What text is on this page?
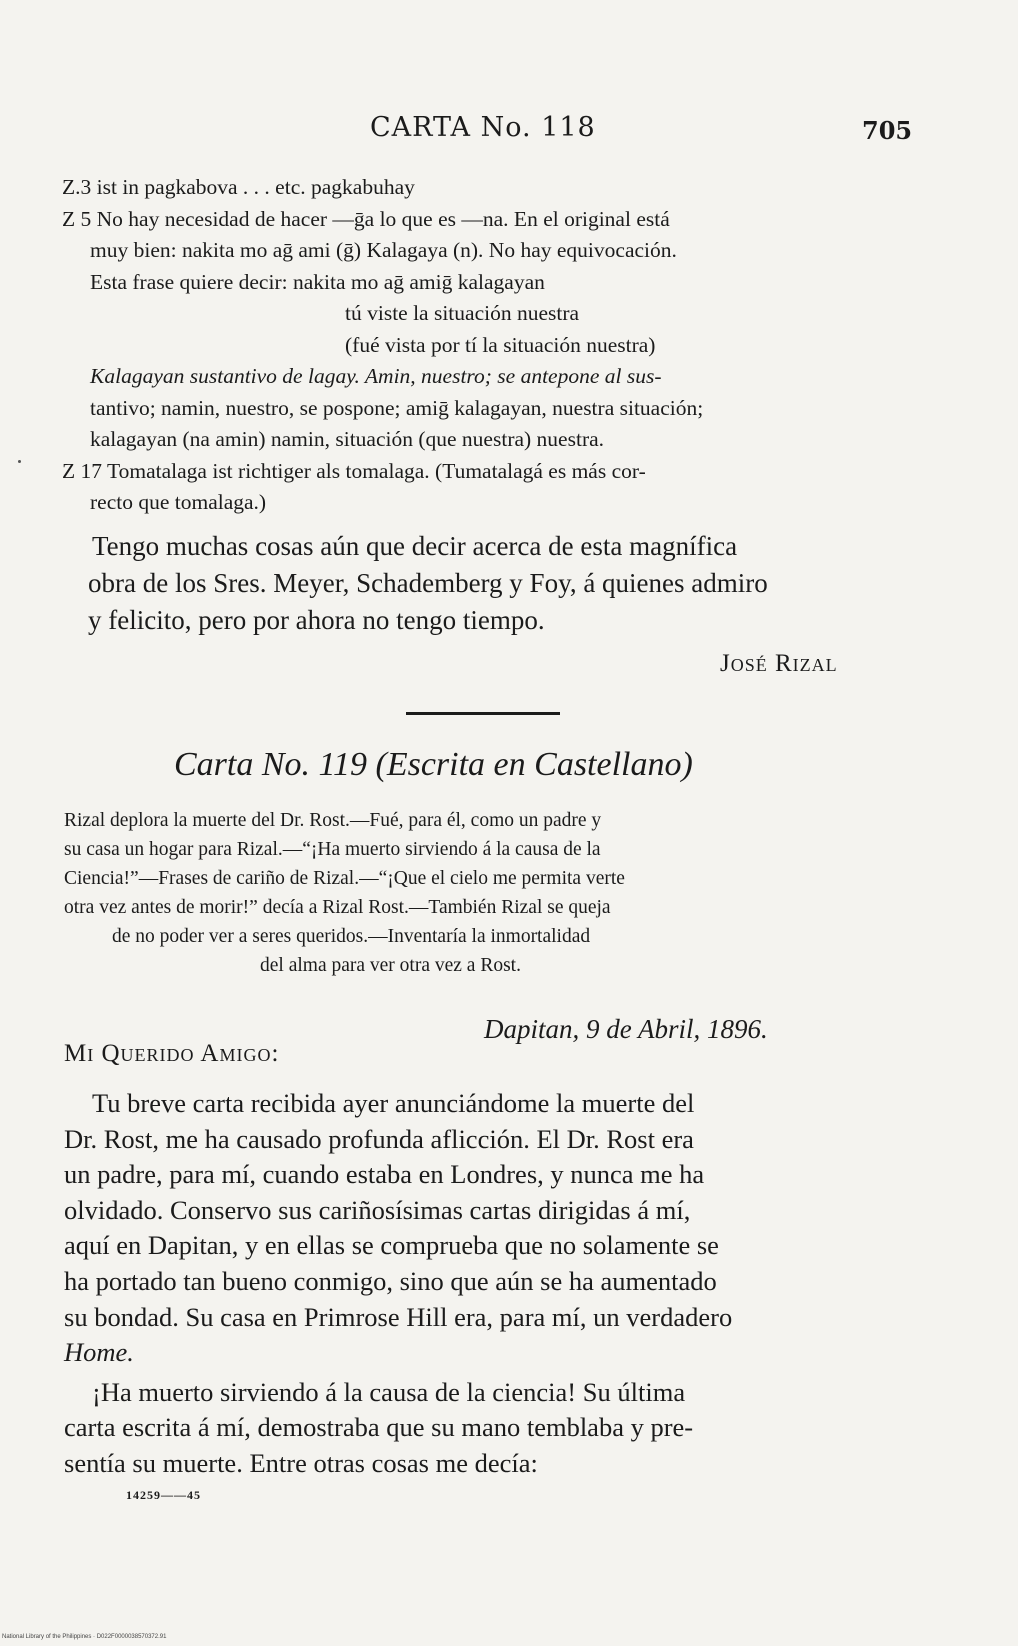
CARTA No. 118	705
Z.3 ist in pagkabova . . . etc. pagkabuhay
Z 5 No hay necesidad de hacer —ḡa lo que es —na. En el original está
muy bien: nakita mo aḡ ami (ḡ) Kalagaya (n). No hay equivocación.
Esta frase quiere decir: nakita mo aḡ amiḡ kalagayan
tú viste la situación nuestra
(fué vista por tí la situación nuestra)
Kalagayan sustantivo de lagay. Amin, nuestro; se antepone al sus-
tantivo; namin, nuestro, se pospone; amiḡ kalagayan, nuestra situación;
kalagayan (na amin) namin, situación (que nuestra) nuestra.
Z 17 Tomatalaga ist richtiger als tomalaga. (Tumatalagá es más cor-
recto que tomalaga.)
Tengo muchas cosas aún que decir acerca de esta magnífica
obra de los Sres. Meyer, Schademberg y Foy, á quienes admiro
y felicito, pero por ahora no tengo tiempo.
José Rizal
Carta No. 119 (Escrita en Castellano)
Rizal deplora la muerte del Dr. Rost.—Fué, para él, como un padre y
su casa un hogar para Rizal.—“¡Ha muerto sirviendo á la causa de la
Ciencia!”—Frases de cariño de Rizal.—“¡Que el cielo me permita verte
otra vez antes de morir!” decía a Rizal Rost.—También Rizal se queja
de no poder ver a seres queridos.—Inventaría la inmortalidad
del alma para ver otra vez a Rost.
Dapitan, 9 de Abril, 1896.
Mi Querido Amigo:
Tu breve carta recibida ayer anunciándome la muerte del
Dr. Rost, me ha causado profunda aflicción. El Dr. Rost era
un padre, para mí, cuando estaba en Londres, y nunca me ha
olvidado. Conservo sus cariñosísimas cartas dirigidas á mí,
aquí en Dapitan, y en ellas se comprueba que no solamente se
ha portado tan bueno conmigo, sino que aún se ha aumentado
su bondad. Su casa en Primrose Hill era, para mí, un verdadero
Home.
¡Ha muerto sirviendo á la causa de la ciencia! Su última
carta escrita á mí, demostraba que su mano temblaba y pre-
sentía su muerte. Entre otras cosas me decía:
14259——45
National Library of the Philippines · D022F0000038570372.91
